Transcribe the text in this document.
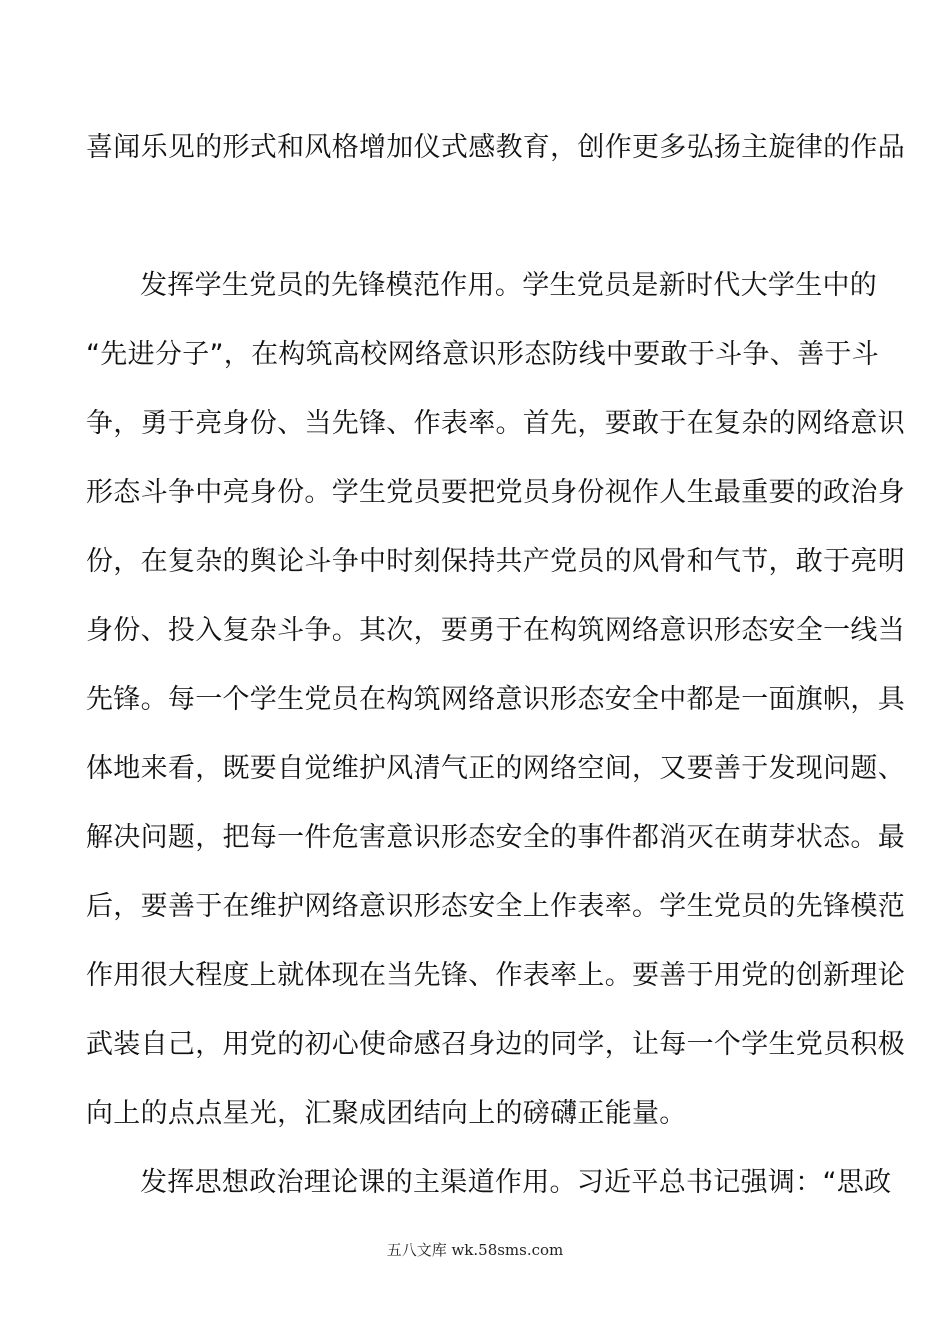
喜闻乐见的形式和风格增加仪式感教育，创作更多弘扬主旋律的作品
发挥学生党员的先锋模范作用。学生党员是新时代大学生中的
“先进分子”，在构筑高校网络意识形态防线中要敢于斗争、善于斗
争，勇于亮身份、当先锋、作表率。首先，要敢于在复杂的网络意识
形态斗争中亮身份。学生党员要把党员身份视作人生最重要的政治身
份，在复杂的舆论斗争中时刻保持共产党员的风骨和气节，敢于亮明
身份、投入复杂斗争。其次，要勇于在构筑网络意识形态安全一线当
先锋。每一个学生党员在构筑网络意识形态安全中都是一面旗帜，具
体地来看，既要自觉维护风清气正的网络空间，又要善于发现问题、
解决问题，把每一件危害意识形态安全的事件都消灭在萌芽状态。最
后，要善于在维护网络意识形态安全上作表率。学生党员的先锋模范
作用很大程度上就体现在当先锋、作表率上。要善于用党的创新理论
武装自己，用党的初心使命感召身边的同学，让每一个学生党员积极
向上的点点星光，汇聚成团结向上的磅礴正能量。
发挥思想政治理论课的主渠道作用。习近平总书记强调：“思政
五八文库 wk.58sms.com
